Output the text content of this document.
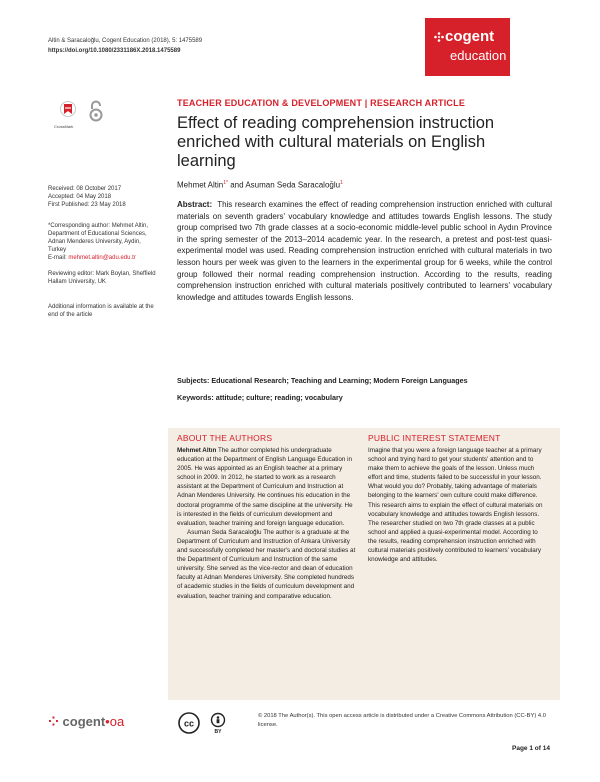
Altin & Saracaloğlu, Cogent Education (2018), 5: 1475589
https://doi.org/10.1080/2331186X.2018.1475589
cogent
education
CrossMark
Received: 08 October 2017
Accepted: 04 May 2018
First Published: 23 May 2018
*Corresponding author: Mehmet Altin, Department of Educational Sciences, Adnan Menderes University, Aydin, Turkey
E-mail: mehmet.altin@adu.edu.tr
Reviewing editor: Mark Boylan, Sheffield Hallam University, UK
Additional information is available at the end of the article
TEACHER EDUCATION & DEVELOPMENT | RESEARCH ARTICLE
Effect of reading comprehension instruction enriched with cultural materials on English learning
Mehmet Altin$^{1*}$ and Asuman Seda Saracaloğlu$^1$
Abstract: This research examines the effect of reading comprehension instruction enriched with cultural materials on seventh graders' vocabulary knowledge and attitudes towards English lessons. The study group comprised two 7th grade classes at a socio-economic middle-level public school in Aydın Province in the spring semester of the 2013–2014 academic year. In the research, a pretest and post-test quasi-experimental model was used. Reading comprehension instruction enriched with cultural materials in two lesson hours per week was given to the learners in the experimental group for 6 weeks, while the control group followed their normal reading comprehension instruction. According to the results, reading comprehension instruction enriched with cultural materials positively contributed to learners' vocabulary knowledge and attitudes towards English lessons.
Subjects: Educational Research; Teaching and Learning; Modern Foreign Languages
Keywords: attitude; culture; reading; vocabulary
ABOUT THE AUTHORS
Mehmet Altın The author completed his undergraduate education at the Department of English Language Education in 2005. He was appointed as an English teacher at a primary school in 2009. In 2012, he started to work as a research assistant at the Department of Curriculum and Instruction at Adnan Menderes University. He continues his education in the doctoral programme of the same discipline at the university. He is interested in the fields of curriculum development and evaluation, teacher training and foreign language education.
Asuman Seda Saracaloğlu The author is a graduate at the Department of Curriculum and Instruction of Ankara University and successfully completed her master's and doctoral studies at the Department of Curriculum and Instruction of the same university. She served as the vice-rector and dean of education faculty at Adnan Menderes University. She completed hundreds of academic studies in the fields of curriculum development and evaluation, teacher training and comparative education.
PUBLIC INTEREST STATEMENT
Imagine that you were a foreign language teacher at a primary school and trying hard to get your students' attention and to make them to achieve the goals of the lesson. Unless much effort and time, students failed to be successful in your lesson. What would you do? Probably, taking advantage of materials belonging to the learners' own culture could make difference. This research aims to explain the effect of cultural materials on vocabulary knowledge and attitudes towards English lessons. The researcher studied on two 7th grade classes at a public school and applied a quasi-experimental model. According to the results, reading comprehension instruction enriched with cultural materials positively contributed to learners' vocabulary knowledge and attitudes.
⁘ cogent•oa	cc
BY
© 2018 The Author(s). This open access article is distributed under a Creative Commons Attribution (CC-BY) 4.0 license.
Page 1 of 14
